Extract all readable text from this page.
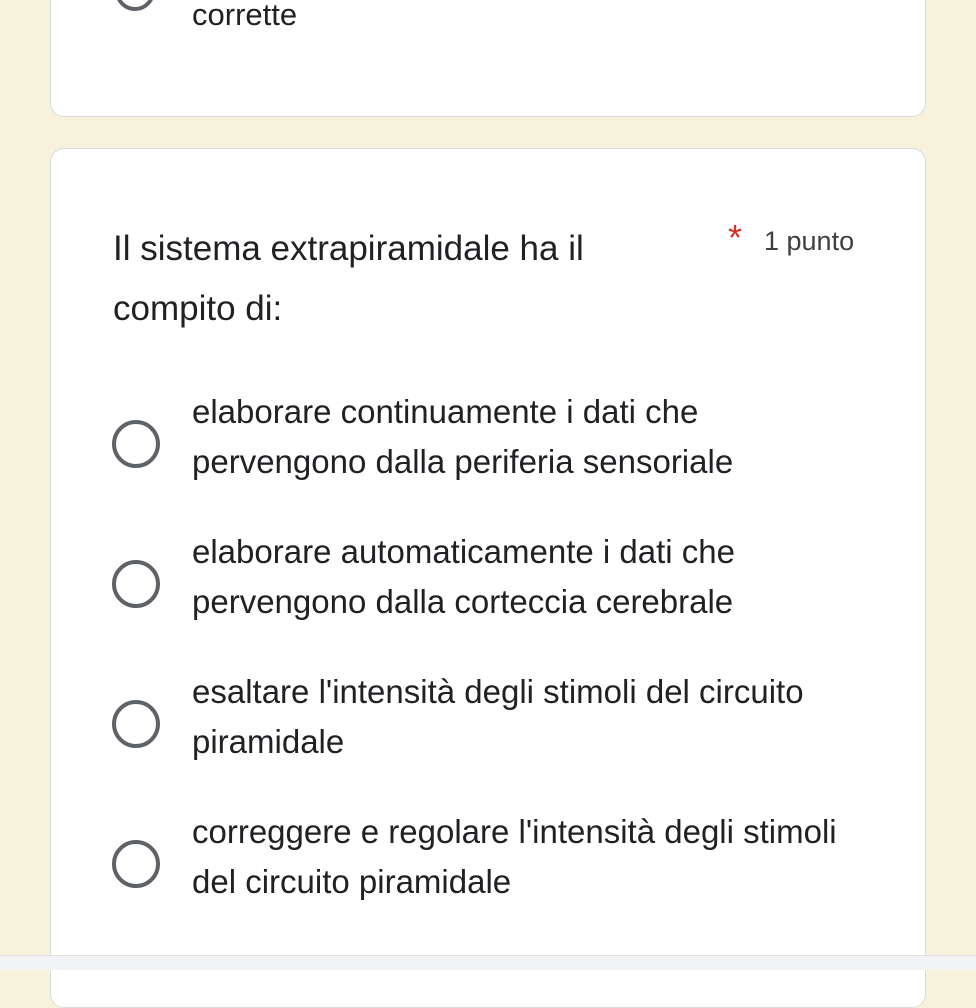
corrette
Il sistema extrapiramidale ha il compito di:
* 1 punto
elaborare continuamente i dati che pervengono dalla periferia sensoriale
elaborare automaticamente i dati che pervengono dalla corteccia cerebrale
esaltare l'intensità degli stimoli del circuito piramidale
correggere e regolare l'intensità degli stimoli del circuito piramidale
